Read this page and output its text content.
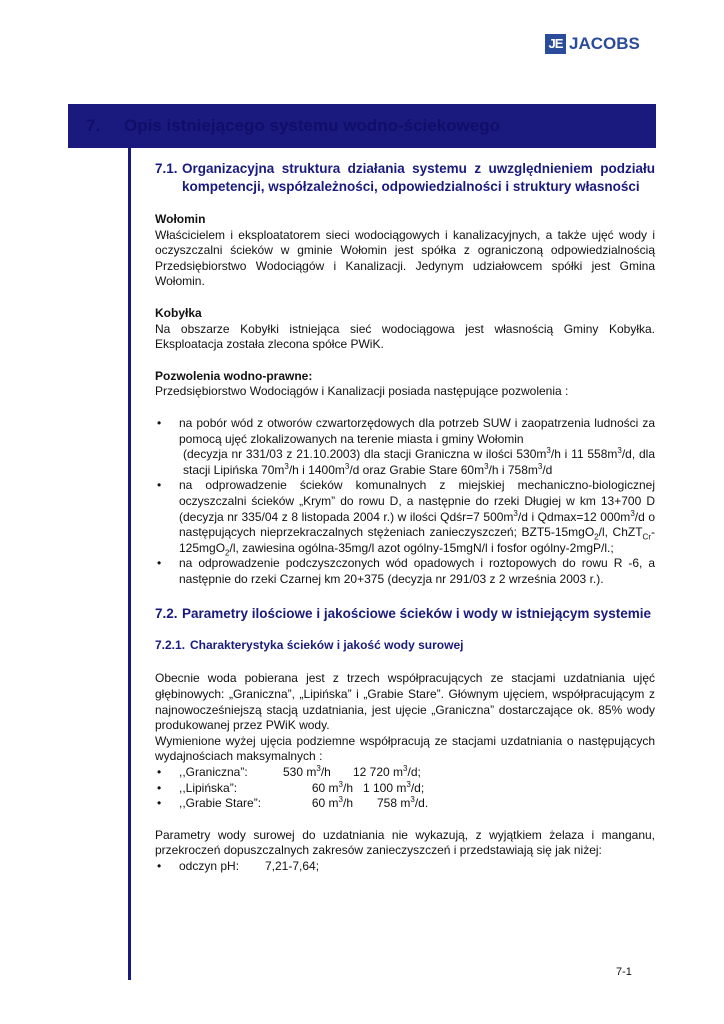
JE JACOBS
7. Opis istniejącego systemu wodno-ściekowego
7.1. Organizacyjna struktura działania systemu z uwzględnieniem podziału kompetencji, współzależności, odpowiedzialności i struktury własności

Wołomin

Właścicielem i eksploatatorem sieci wodociągowych i kanalizacyjnych, a także ujęć wody i oczyszczalni ścieków w gminie Wołomin jest spółka z ograniczoną odpowiedzialnością Przedsiębiorstwo Wodociągów i Kanalizacji. Jedynym udziałowcem spółki jest Gmina Wołomin.

Kobyłka

Na obszarze Kobyłki istniejąca sieć wodociągowa jest własnością Gminy Kobyłka. Eksploatacja została zlecona spółce PWiK.

Pozwolenia wodno-prawne:

Przedsiębiorstwo Wodociągów i Kanalizacji posiada następujące pozwolenia :

• na pobór wód z otworów czwartorzędowych dla potrzeb SUW i zaopatrzenia ludności za pomocą ujęć zlokalizowanych na terenie miasta i gminy Wołomin
(decyzja nr 331/03 z 21.10.2003) dla stacji Graniczna w ilości $530m^3/h$ i 11 $558m^3/d$, dla stacji Lipińska $70m^3/h$ i $1400m^3/d$ oraz Grabie Stare $60m^3/h$ i $758m^3/d$
• na odprowadzenie ścieków komunalnych z miejskiej mechaniczno-biologicznej oczyszczalni ścieków „Krym” do rowu D, a następnie do rzeki Długiej w km 13+700 D (decyzja nr 335/04 z 8 listopada 2004 r.) w ilości Qdśr=7 $500m^3/d$ i Qdmax=12 $000m^3/d$ o następujących nieprzekraczalnych stężeniach zanieczyszczeń; BZT5-15mgO$_2$/l, ChZT$_{Cr}$-125mgO$_2$/l, zawiesina ogólna-35mg/l azot ogólny-15mgN/l i fosfor ogólny-2mgP/l.;
• na odprowadzenie podczyszczonych wód opadowych i roztopowych do rowu R -6, a następnie do rzeki Czarnej km 20+375 (decyzja nr 291/03 z 2 września 2003 r.).
7.2. Parametry ilościowe i jakościowe ścieków i wody w istniejącym systemie
7.2.1. Charakterystyka ścieków i jakość wody surowej

Obecnie woda pobierana jest z trzech współpracujących ze stacjami uzdatniania ujęć głębinowych: „Graniczna”, „Lipińska” i „Grabie Stare”. Głównym ujęciem, współpracującym z najnowocześniejszą stacją uzdatniania, jest ujęcie „Graniczna” dostarczające ok. 85% wody produkowanej przez PWiK wody.

Wymienione wyżej ujęcia podziemne współpracują ze stacjami uzdatniania o następujących wydajnościach maksymalnych :

• ,,Graniczna”:	530 $m^3/h$ 12 720 $m^3/d$;
• ,,Lipińska”:	60 $m^3/h$ 1 100 $m^3/d$;
• ,,Grabie Stare”:	60 $m^3/h$ 758 $m^3/d$.

Parametry wody surowej do uzdatniania nie wykazują, z wyjątkiem żelaza i manganu, przekroczeń dopuszczalnych zakresów zanieczyszczeń i przedstawiają się jak niżej:

• odczyn pH: 7,21-7,64;
7-1
